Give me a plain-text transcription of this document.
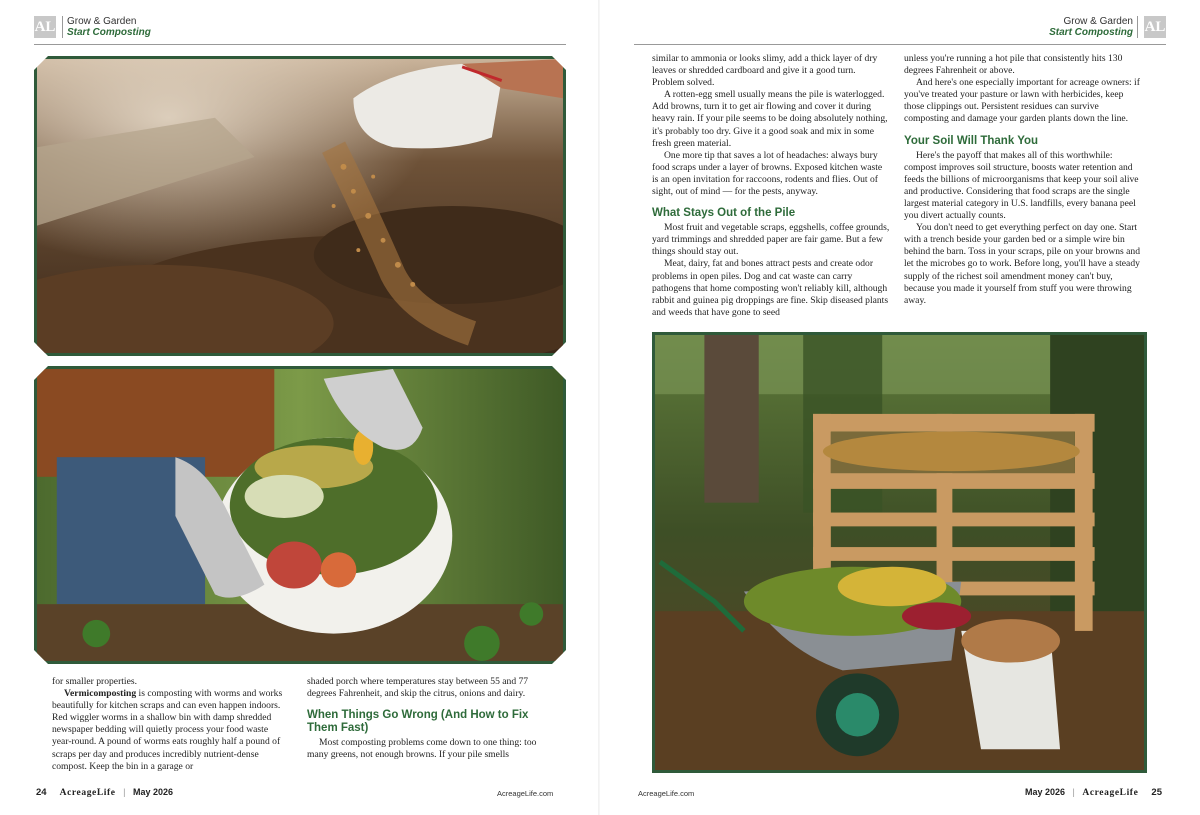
AL Grow & Garden
Start Composting

for smaller properties.

Vermicomposting is composting with worms and works beautifully for kitchen scraps and can even happen indoors. Red wiggler worms in a shallow bin with damp shredded newspaper bedding will quietly process your food waste year-round. A pound of worms eats roughly half a pound of scraps per day and produces incredibly nutrient-dense compost. Keep the bin in a garage or

shaded porch where temperatures stay between 55 and 77 degrees Fahrenheit, and skip the citrus, onions and dairy.

When Things Go Wrong (And How to Fix Them Fast)

Most composting problems come down to one thing: too many greens, not enough browns. If your pile smells

24 AcreageLife | May 2026	AcreageLife.com
Grow & Garden
Start Composting AL

similar to ammonia or looks slimy, add a thick layer of dry leaves or shredded cardboard and give it a good turn. Problem solved.

A rotten-egg smell usually means the pile is waterlogged. Add browns, turn it to get air flowing and cover it during heavy rain. If your pile seems to be doing absolutely nothing, it's probably too dry. Give it a good soak and mix in some fresh green material.

One more tip that saves a lot of headaches: always bury food scraps under a layer of browns. Exposed kitchen waste is an open invitation for raccoons, rodents and flies. Out of sight, out of mind — for the pests, anyway.

What Stays Out of the Pile

Most fruit and vegetable scraps, eggshells, coffee grounds, yard trimmings and shredded paper are fair game. But a few things should stay out.

Meat, dairy, fat and bones attract pests and create odor problems in open piles. Dog and cat waste can carry pathogens that home composting won't reliably kill, although rabbit and guinea pig droppings are fine. Skip diseased plants and weeds that have gone to seed

unless you're running a hot pile that consistently hits 130 degrees Fahrenheit or above.

And here's one especially important for acreage owners: if you've treated your pasture or lawn with herbicides, keep those clippings out. Persistent residues can survive composting and damage your garden plants down the line.

Your Soil Will Thank You

Here's the payoff that makes all of this worthwhile: compost improves soil structure, boosts water retention and feeds the billions of microorganisms that keep your soil alive and productive. Considering that food scraps are the single largest material category in U.S. landfills, every banana peel you divert actually counts.

You don't need to get everything perfect on day one. Start with a trench beside your garden bed or a simple wire bin behind the barn. Toss in your scraps, pile on your browns and let the microbes go to work. Before long, you'll have a steady supply of the richest soil amendment money can't buy, because you made it yourself from stuff you were throwing away.

AcreageLife.com	May 2026 | AcreageLife 25
